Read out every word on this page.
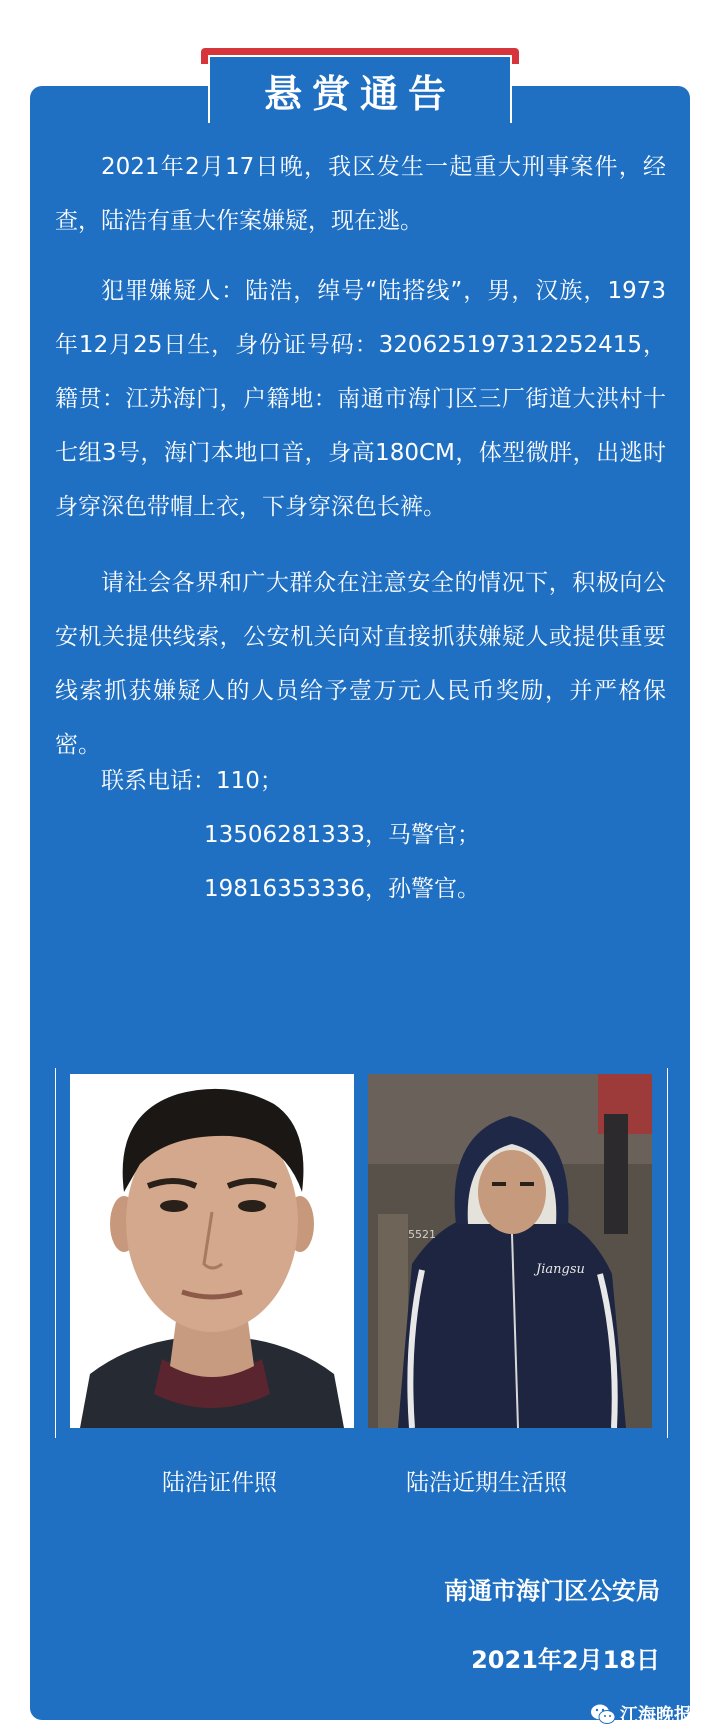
悬赏通告

2021年2月17日晚，我区发生一起重大刑事案件，经查，陆浩有重大作案嫌疑，现在逃。

犯罪嫌疑人：陆浩，绰号“陆搭线”，男，汉族，1973年12月25日生，身份证号码：320625197312252415，籍贯：江苏海门，户籍地：南通市海门区三厂街道大洪村十七组3号，海门本地口音，身高180CM，体型微胖，出逃时身穿深色带帽上衣，下身穿深色长裤。

请社会各界和广大群众在注意安全的情况下，积极向公安机关提供线索，公安机关向对直接抓获嫌疑人或提供重要线索抓获嫌疑人的人员给予壹万元人民币奖励，并严格保密。

联系电话：110；

13506281333，马警官；

19816353336，孙警官。

Jiangsu
5521
陆浩证件照	陆浩近期生活照
南通市海门区公安局
2021年2月18日
江海晚报
